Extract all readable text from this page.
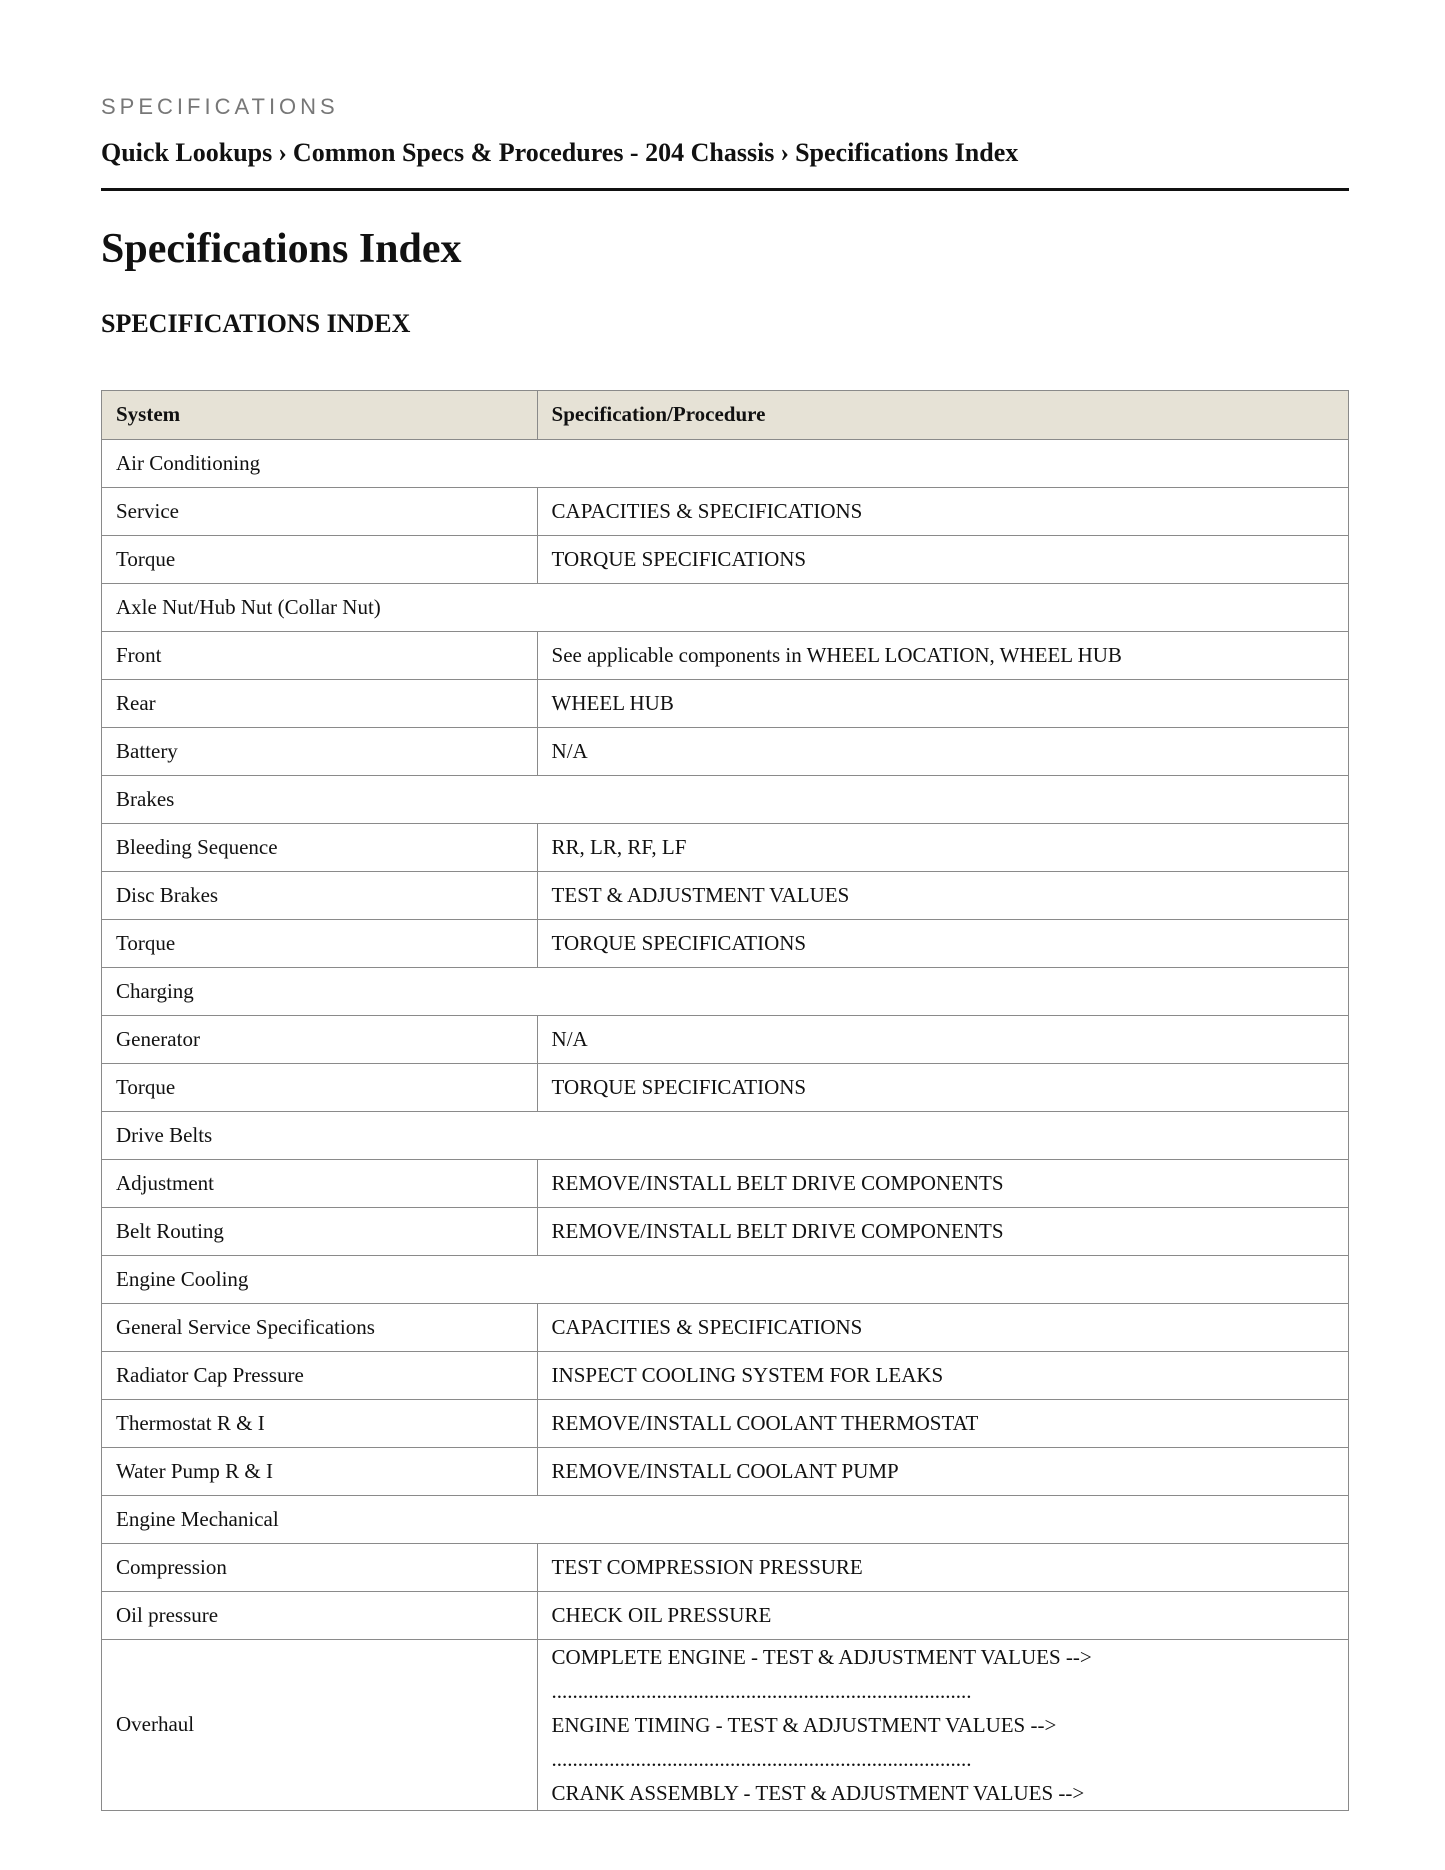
SPECIFICATIONS
Quick Lookups › Common Specs & Procedures - 204 Chassis › Specifications Index
Specifications Index
SPECIFICATIONS INDEX
System	Specification/Procedure
Air Conditioning	
Service	CAPACITIES & SPECIFICATIONS
Torque	TORQUE SPECIFICATIONS
Axle Nut/Hub Nut (Collar Nut)	
Front	See applicable components in WHEEL LOCATION, WHEEL HUB
Rear	WHEEL HUB
Battery	N/A
Brakes	
Bleeding Sequence	RR, LR, RF, LF
Disc Brakes	TEST & ADJUSTMENT VALUES
Torque	TORQUE SPECIFICATIONS
Charging	
Generator	N/A
Torque	TORQUE SPECIFICATIONS
Drive Belts	
Adjustment	REMOVE/INSTALL BELT DRIVE COMPONENTS
Belt Routing	REMOVE/INSTALL BELT DRIVE COMPONENTS
Engine Cooling	
General Service Specifications	CAPACITIES & SPECIFICATIONS
Radiator Cap Pressure	INSPECT COOLING SYSTEM FOR LEAKS
Thermostat R & I	REMOVE/INSTALL COOLANT THERMOSTAT
Water Pump R & I	REMOVE/INSTALL COOLANT PUMP
Engine Mechanical	
Compression	TEST COMPRESSION PRESSURE
Oil pressure	CHECK OIL PRESSURE
Overhaul	COMPLETE ENGINE - TEST & ADJUSTMENT VALUES -->
................................................................................
ENGINE TIMING - TEST & ADJUSTMENT VALUES -->
................................................................................
CRANK ASSEMBLY - TEST & ADJUSTMENT VALUES -->
